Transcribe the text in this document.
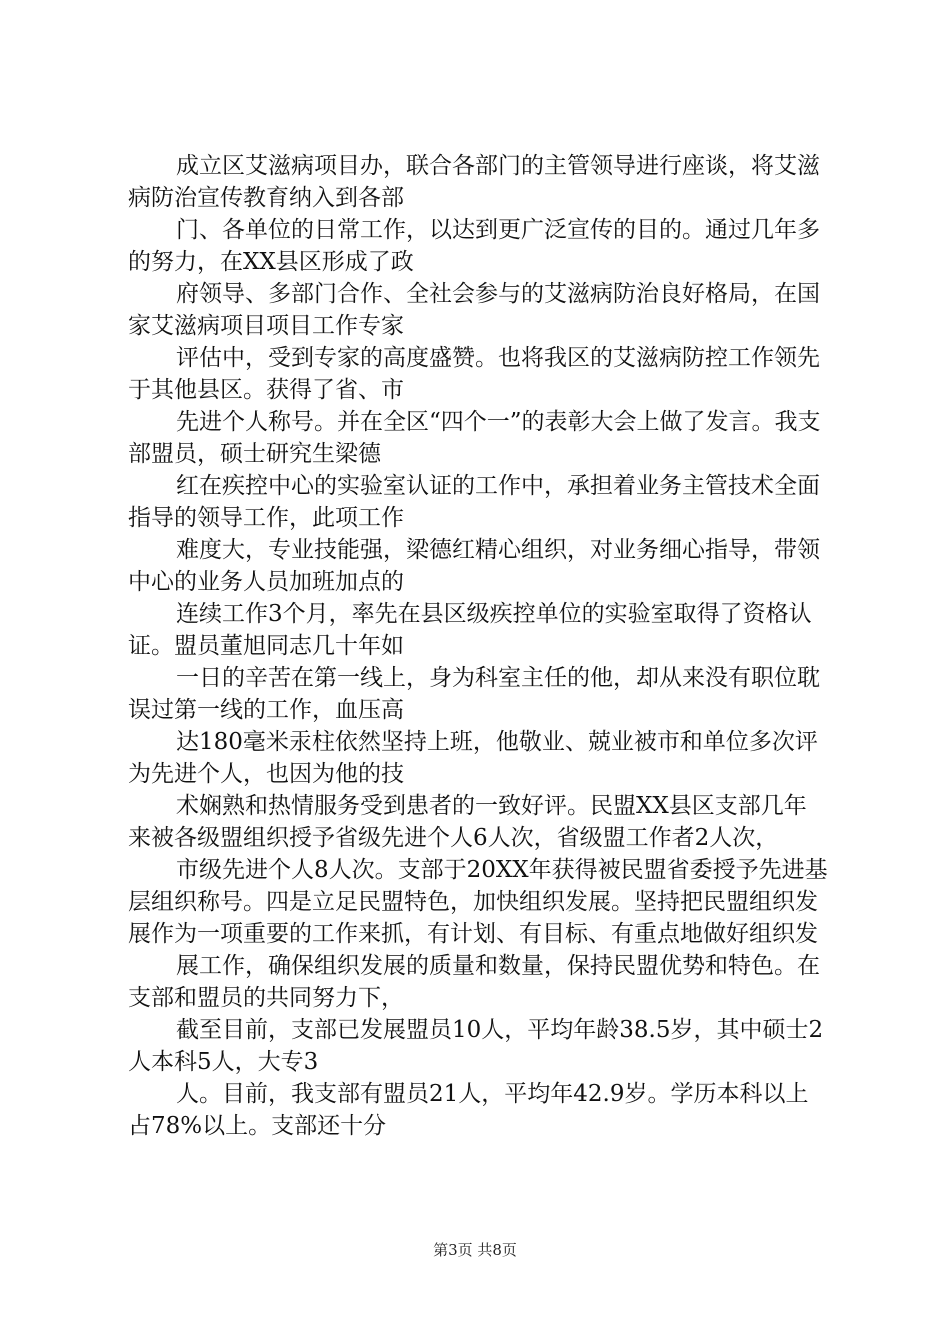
成立区艾滋病项目办，联合各部门的主管领导进行座谈，将艾滋病防治宣传教育纳入到各部

门、各单位的日常工作，以达到更广泛宣传的目的。通过几年多的努力，在XX县区形成了政

府领导、多部门合作、全社会参与的艾滋病防治良好格局，在国家艾滋病项目项目工作专家

评估中，受到专家的高度盛赞。也将我区的艾滋病防控工作领先于其他县区。获得了省、市

先进个人称号。并在全区“四个一”的表彰大会上做了发言。我支部盟员，硕士研究生梁德

红在疾控中心的实验室认证的工作中，承担着业务主管技术全面指导的领导工作，此项工作

难度大，专业技能强，梁德红精心组织，对业务细心指导，带领中心的业务人员加班加点的

连续工作3个月，率先在县区级疾控单位的实验室取得了资格认证。盟员董旭同志几十年如

一日的辛苦在第一线上，身为科室主任的他，却从来没有职位耽误过第一线的工作，血压高

达180毫米汞柱依然坚持上班，他敬业、兢业被市和单位多次评为先进个人，也因为他的技

术娴熟和热情服务受到患者的一致好评。民盟XX县区支部几年来被各级盟组织授予省级先进个人6人次，省级盟工作者2人次，

市级先进个人8人次。支部于20XX年获得被民盟省委授予先进基层组织称号。四是立足民盟特色，加快组织发展。坚持把民盟组织发展作为一项重要的工作来抓，有计划、有目标、有重点地做好组织发

展工作，确保组织发展的质量和数量，保持民盟优势和特色。在支部和盟员的共同努力下，

截至目前，支部已发展盟员10人，平均年龄38.5岁，其中硕士2人本科5人，大专3

人。目前，我支部有盟员21人，平均年42.9岁。学历本科以上占78%以上。支部还十分

第3页 共8页
